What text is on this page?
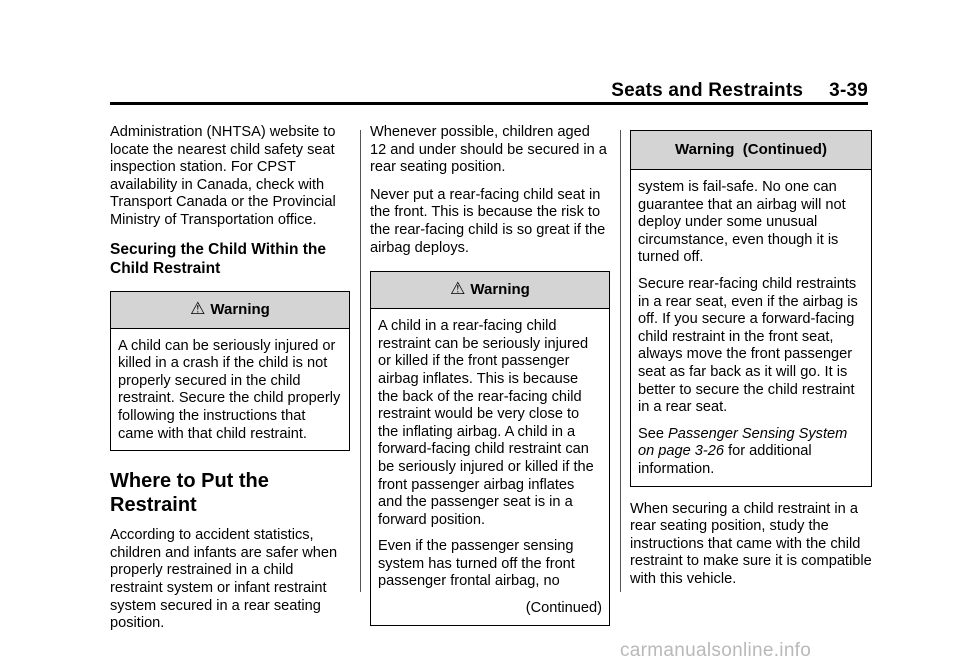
Seats and Restraints 3-39

Administration (NHTSA) website to locate the nearest child safety seat inspection station. For CPST availability in Canada, check with Transport Canada or the Provincial Ministry of Transportation office.

Securing the Child Within the Child Restraint
⚠ Warning

A child can be seriously injured or killed in a crash if the child is not properly secured in the child restraint. Secure the child properly following the instructions that came with that child restraint.

Where to Put the Restraint

According to accident statistics, children and infants are safer when properly restrained in a child restraint system or infant restraint system secured in a rear seating position.

Whenever possible, children aged 12 and under should be secured in a rear seating position.

Never put a rear-facing child seat in the front. This is because the risk to the rear-facing child is so great if the airbag deploys.

⚠ Warning

A child in a rear-facing child restraint can be seriously injured or killed if the front passenger airbag inflates. This is because the back of the rear-facing child restraint would be very close to the inflating airbag. A child in a forward-facing child restraint can be seriously injured or killed if the front passenger airbag inflates and the passenger seat is in a forward position.

Even if the passenger sensing system has turned off the front passenger frontal airbag, no

(Continued)

Warning  (Continued)

system is fail-safe. No one can guarantee that an airbag will not deploy under some unusual circumstance, even though it is turned off.

Secure rear-facing child restraints in a rear seat, even if the airbag is off. If you secure a forward-facing child restraint in the front seat, always move the front passenger seat as far back as it will go. It is better to secure the child restraint in a rear seat.

See Passenger Sensing System on page 3-26 for additional information.

When securing a child restraint in a rear seating position, study the instructions that came with the child restraint to make sure it is compatible with this vehicle.

carmanualsonline.info
